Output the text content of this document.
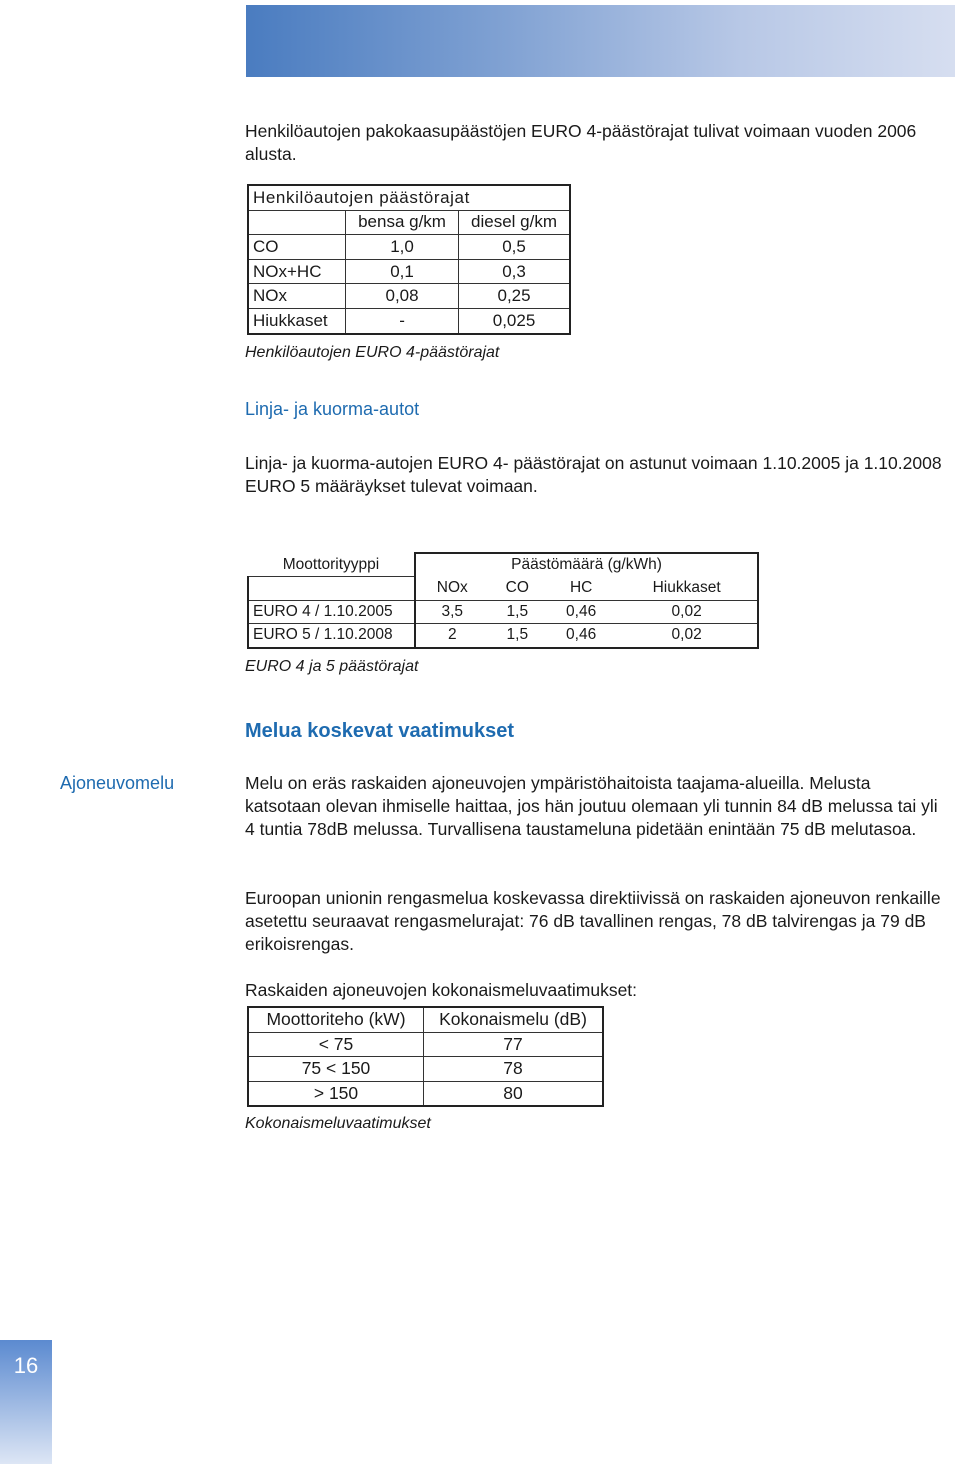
Henkilöautojen pakokaasupäästöjen EURO 4-päästörajat tulivat voimaan vuoden 2006 alusta.

Henkilöautojen päästörajat		
	bensa g/km	diesel g/km
CO	1,0	0,5
NOx+HC	0,1	0,3
NOx	0,08	0,25
Hiukkaset	-	0,025

Henkilöautojen EURO 4-päästörajat

Linja- ja kuorma-autot

Linja- ja kuorma-autojen EURO 4- päästörajat on astunut voimaan 1.10.2005 ja 1.10.2008 EURO 5 määräykset tulevat voimaan.

Moottorityyppi	Päästömäärä (g/kWh)			
	NOx	CO	HC	Hiukkaset
EURO 4 / 1.10.2005	3,5	1,5	0,46	0,02
EURO 5 / 1.10.2008	2	1,5	0,46	0,02

EURO 4 ja 5 päästörajat

Melua koskevat vaatimukset

Ajoneuvomelu	Melu on eräs raskaiden ajoneuvojen ympäristöhaitoista taajama-alueilla. Melusta katsotaan olevan ihmiselle haittaa, jos hän joutuu olemaan yli tunnin 84 dB melussa tai yli 4 tuntia 78dB melussa. Turvallisena taustameluna pidetään enintään 75 dB melutasoa.

Euroopan unionin rengasmelua koskevassa direktiivissä on raskaiden ajoneuvon renkaille asetettu seuraavat rengasmelurajat: 76 dB tavallinen rengas, 78 dB talvirengas ja 79 dB erikoisrengas.

Raskaiden ajoneuvojen kokonaismeluvaatimukset:

Moottoriteho (kW)	Kokonaismelu (dB)
< 75	77
75 < 150	78
> 150	80

Kokonaismeluvaatimukset

16
